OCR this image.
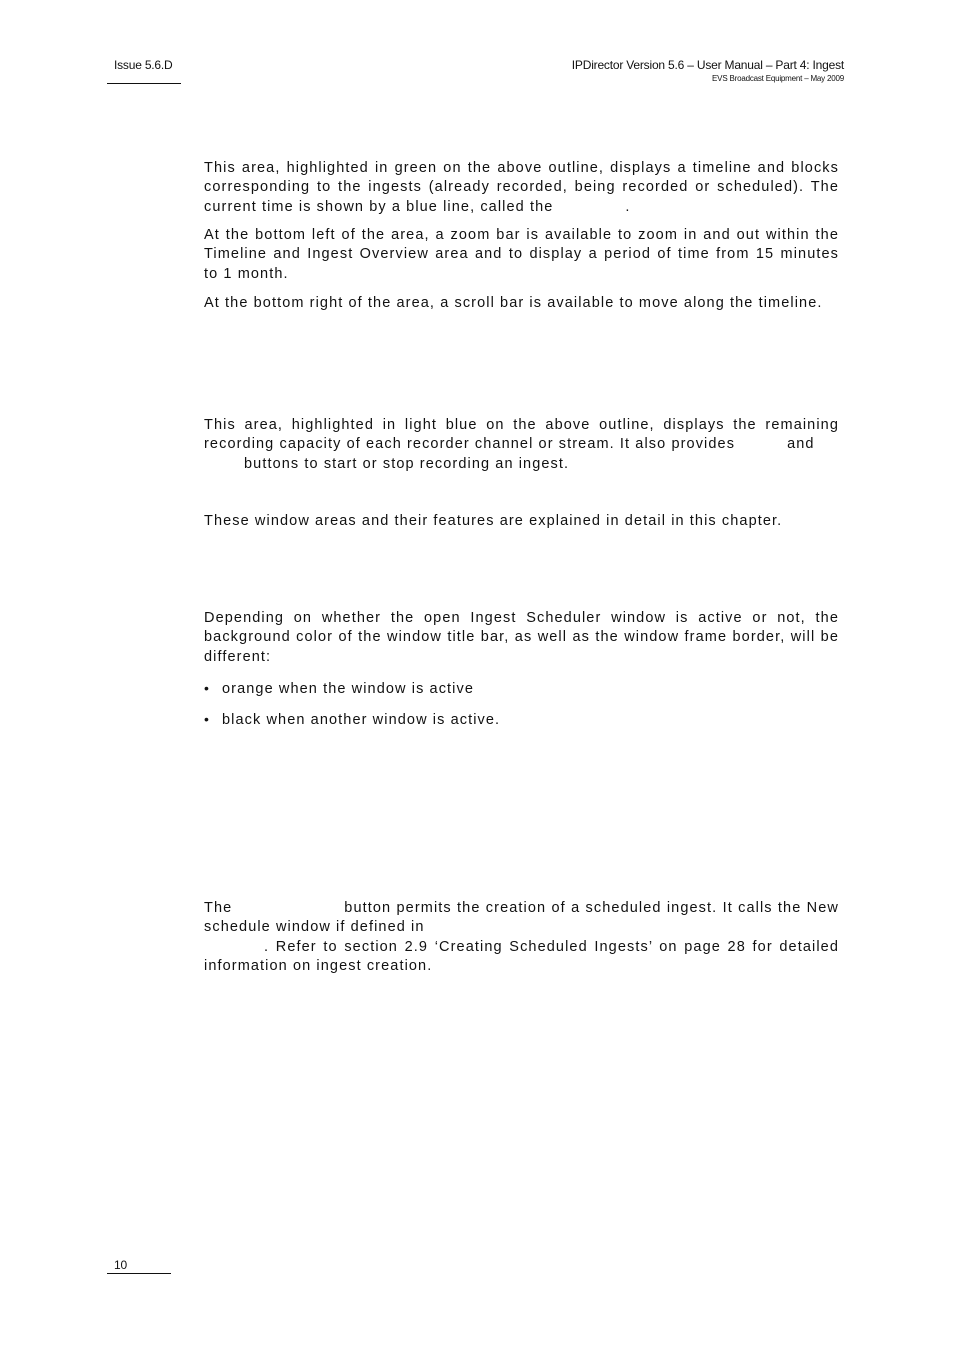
Issue 5.6.D	IPDirector Version 5.6 – User Manual – Part 4: Ingest
EVS Broadcast Equipment – May 2009
This area, highlighted in green on the above outline, displays a timeline and blocks corresponding to the ingests (already recorded, being recorded or scheduled). The current time is shown by a blue line, called the	.
At the bottom left of the area, a zoom bar is available to zoom in and out within the Timeline and Ingest Overview area and to display a period of time from 15 minutes to 1 month.
At the bottom right of the area, a scroll bar is available to move along the timeline.
This area, highlighted in light blue on the above outline, displays the remaining recording capacity of each recorder channel or stream. It also provides	and
buttons to start or stop recording an ingest.
These window areas and their features are explained in detail in this chapter.
Depending on whether the open Ingest Scheduler window is active or not, the background color of the window title bar, as well as the window frame border, will be different:
• orange when the window is active
• black when another window is active.
The	button permits the creation of a scheduled ingest. It calls the New schedule window if defined in
. Refer to section 2.9 ‘Creating Scheduled Ingests’ on page 28 for detailed information on ingest creation.
10
